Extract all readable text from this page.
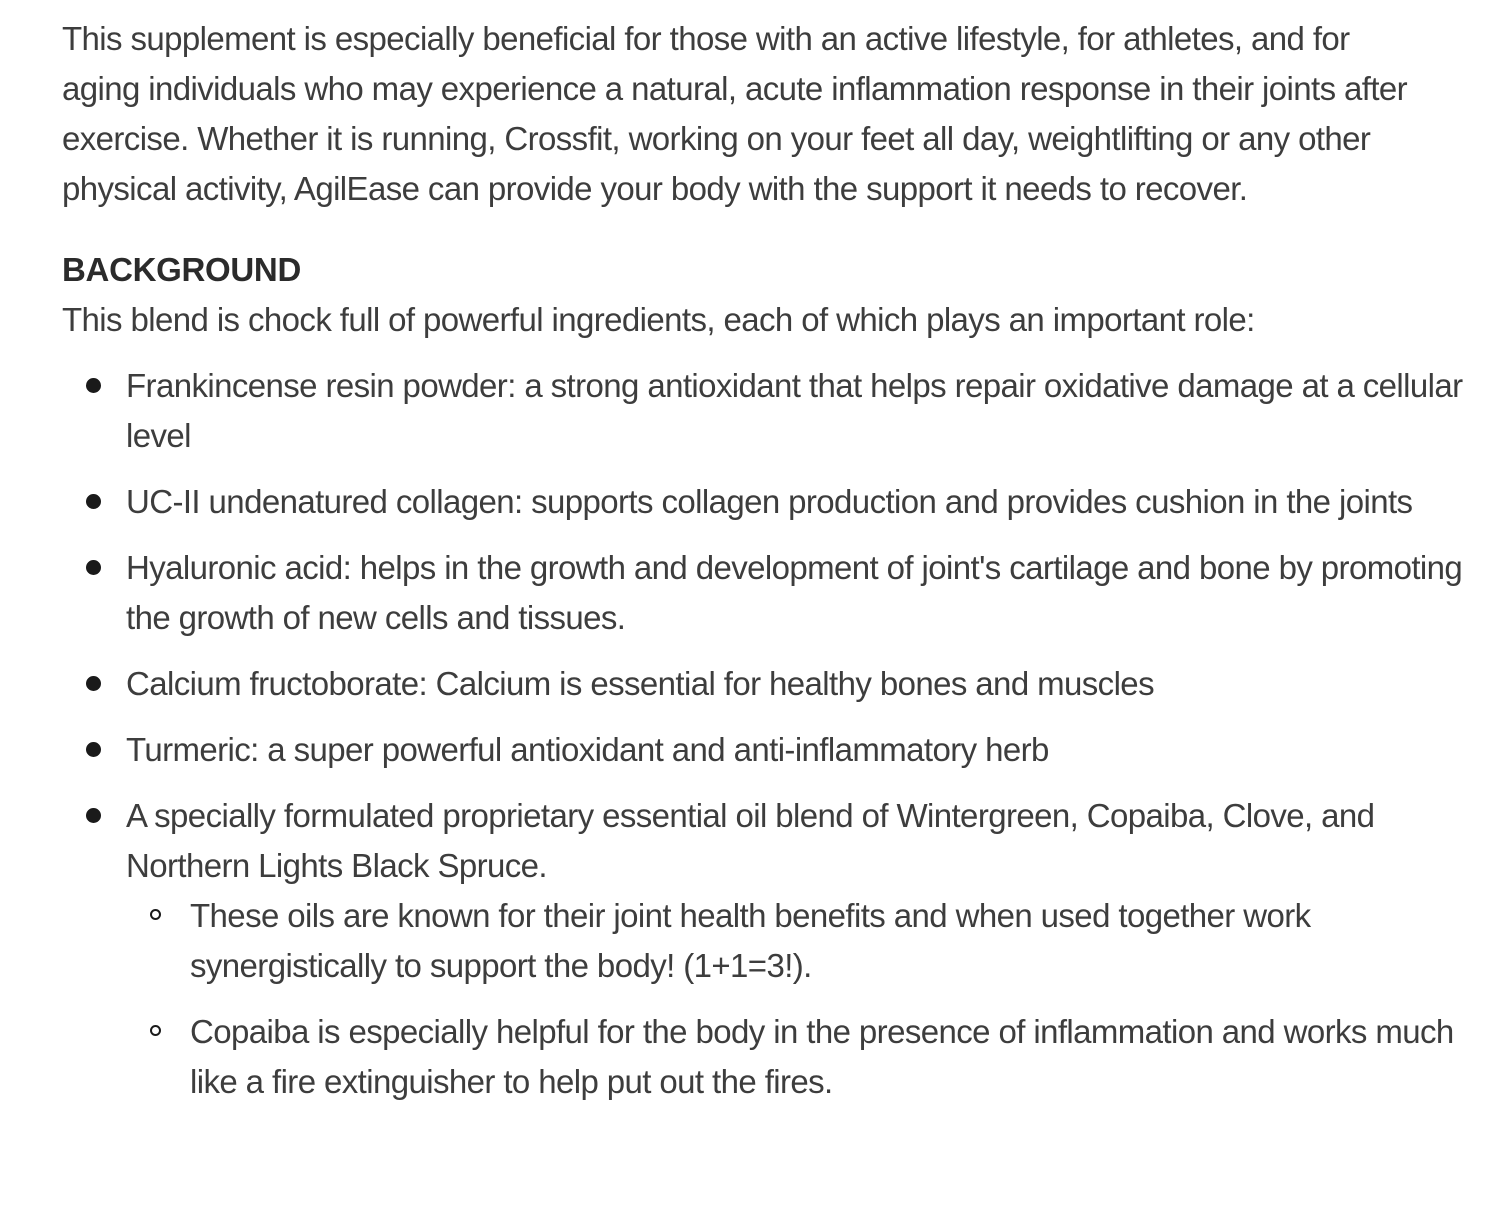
This supplement is especially beneficial for those with an active lifestyle, for athletes, and for aging individuals who may experience a natural, acute inflammation response in their joints after exercise. Whether it is running, Crossfit, working on your feet all day, weightlifting or any other physical activity, AgilEase can provide your body with the support it needs to recover.

BACKGROUND

This blend is chock full of powerful ingredients, each of which plays an important role:

Frankincense resin powder: a strong antioxidant that helps repair oxidative damage at a cellular level
UC-II undenatured collagen: supports collagen production and provides cushion in the joints
Hyaluronic acid: helps in the growth and development of joint's cartilage and bone by promoting the growth of new cells and tissues.
Calcium fructoborate: Calcium is essential for healthy bones and muscles
Turmeric: a super powerful antioxidant and anti-inflammatory herb
A specially formulated proprietary essential oil blend of Wintergreen, Copaiba, Clove, and Northern Lights Black Spruce.
These oils are known for their joint health benefits and when used together work synergistically to support the body! (1+1=3!).
Copaiba is especially helpful for the body in the presence of inflammation and works much like a fire extinguisher to help put out the fires.
